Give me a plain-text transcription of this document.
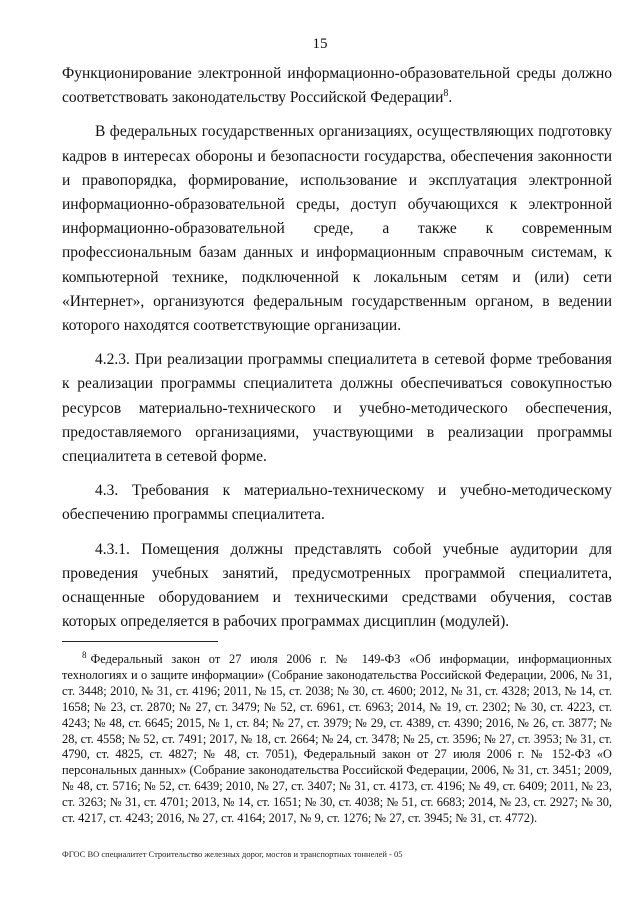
15

Функционирование электронной информационно-образовательной среды должно соответствовать законодательству Российской Федерации$^8$.

В федеральных государственных организациях, осуществляющих подготовку кадров в интересах обороны и безопасности государства, обеспечения законности и правопорядка, формирование, использование и эксплуатация электронной информационно-образовательной среды, доступ обучающихся к электронной информационно-образовательной среде, а также к современным профессиональным базам данных и информационным справочным системам, к компьютерной технике, подключенной к локальным сетям и (или) сети «Интернет», организуются федеральным государственным органом, в ведении которого находятся соответствующие организации.

4.2.3. При реализации программы специалитета в сетевой форме требования к реализации программы специалитета должны обеспечиваться совокупностью ресурсов материально-технического и учебно-методического обеспечения, предоставляемого организациями, участвующими в реализации программы специалитета в сетевой форме.

4.3. Требования к материально-техническому и учебно-методическому обеспечению программы специалитета.

4.3.1. Помещения должны представлять собой учебные аудитории для проведения учебных занятий, предусмотренных программой специалитета, оснащенные оборудованием и техническими средствами обучения, состав которых определяется в рабочих программах дисциплин (модулей).

$^8$ Федеральный закон от 27 июля 2006 г. № 149-ФЗ «Об информации, информационных технологиях и о защите информации» (Собрание законодательства Российской Федерации, 2006, № 31, ст. 3448; 2010, № 31, ст. 4196; 2011, № 15, ст. 2038; № 30, ст. 4600; 2012, № 31, ст. 4328; 2013, № 14, ст. 1658; № 23, ст. 2870; № 27, ст. 3479; № 52, ст. 6961, ст. 6963; 2014, № 19, ст. 2302; № 30, ст. 4223, ст. 4243; № 48, ст. 6645; 2015, № 1, ст. 84; № 27, ст. 3979; № 29, ст. 4389, ст. 4390; 2016, № 26, ст. 3877; № 28, ст. 4558; № 52, ст. 7491; 2017, № 18, ст. 2664; № 24, ст. 3478; № 25, ст. 3596; № 27, ст. 3953; № 31, ст. 4790, ст. 4825, ст. 4827; № 48, ст. 7051), Федеральный закон от 27 июля 2006 г. № 152-ФЗ «О персональных данных» (Собрание законодательства Российской Федерации, 2006, № 31, ст. 3451; 2009, № 48, ст. 5716; № 52, ст. 6439; 2010, № 27, ст. 3407; № 31, ст. 4173, ст. 4196; № 49, ст. 6409; 2011, № 23, ст. 3263; № 31, ст. 4701; 2013, № 14, ст. 1651; № 30, ст. 4038; № 51, ст. 6683; 2014, № 23, ст. 2927; № 30, ст. 4217, ст. 4243; 2016, № 27, ст. 4164; 2017, № 9, ст. 1276; № 27, ст. 3945; № 31, ст. 4772).
ФГОС ВО специалитет Строительство железных дорог, мостов и транспортных тоннелей - 05
